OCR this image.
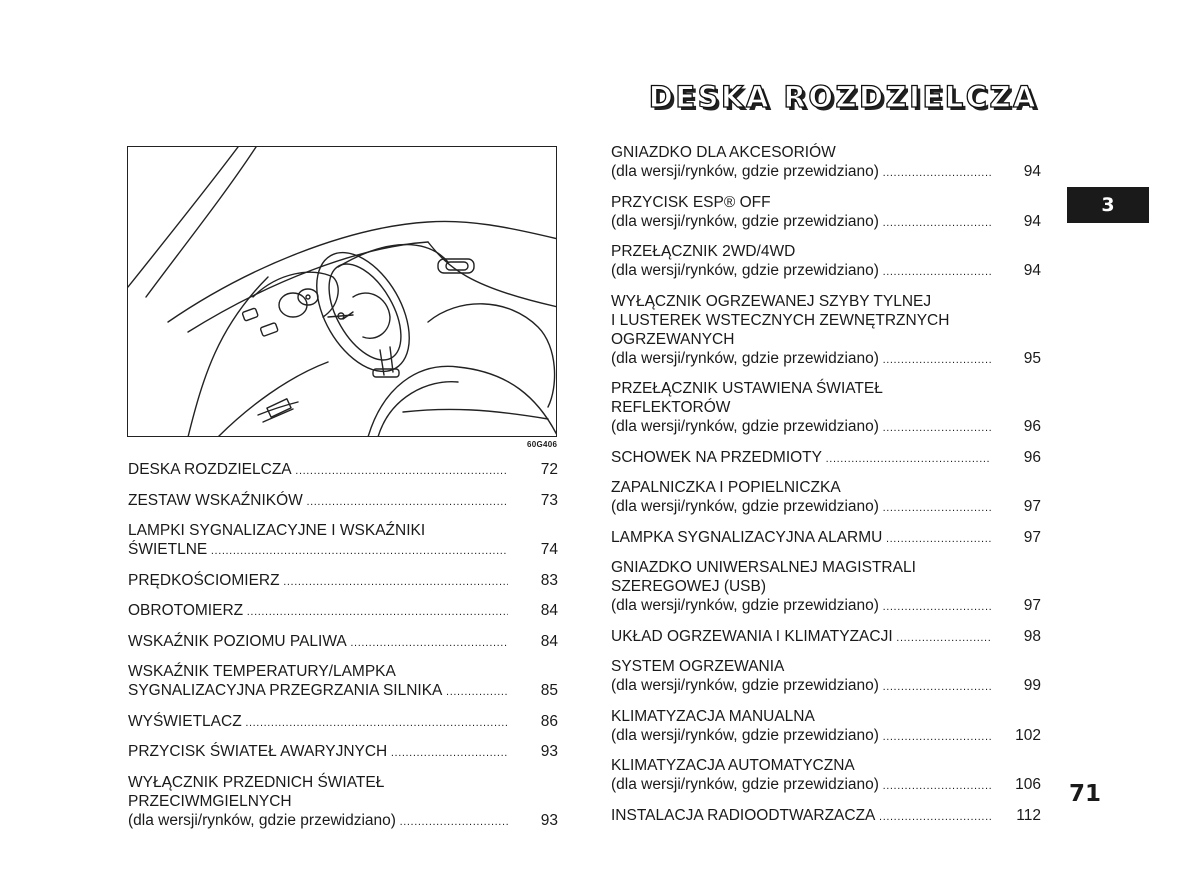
DESKA ROZDZIELCZA
3
71
60G406
DESKA ROZDZIELCZA .....	72
ZESTAW WSKAŹNIKÓW .....	73
LAMPKI SYGNALIZACYJNE I WSKAŹNIKI
ŚWIETLNE .....	74
PRĘDKOŚCIOMIERZ .....	83
OBROTOMIERZ .....	84
WSKAŹNIK POZIOMU PALIWA .....	84
WSKAŹNIK TEMPERATURY/LAMPKA
SYGNALIZACYJNA PRZEGRZANIA SILNIKA .....	85
WYŚWIETLACZ .....	86
PRZYCISK ŚWIATEŁ AWARYJNYCH .....	93
WYŁĄCZNIK PRZEDNICH ŚWIATEŁ
PRZECIWMGIELNYCH
(dla wersji/rynków, gdzie przewidziano) .....	93
GNIAZDKO DLA AKCESORIÓW
(dla wersji/rynków, gdzie przewidziano) .....	94
PRZYCISK ESP® OFF
(dla wersji/rynków, gdzie przewidziano) .....	94
PRZEŁĄCZNIK 2WD/4WD
(dla wersji/rynków, gdzie przewidziano) .....	94
WYŁĄCZNIK OGRZEWANEJ SZYBY TYLNEJ
I LUSTEREK WSTECZNYCH ZEWNĘTRZNYCH
OGRZEWANYCH
(dla wersji/rynków, gdzie przewidziano) .....	95
PRZEŁĄCZNIK USTAWIENA ŚWIATEŁ
REFLEKTORÓW
(dla wersji/rynków, gdzie przewidziano) .....	96
SCHOWEK NA PRZEDMIOTY .....	96
ZAPALNICZKA I POPIELNICZKA
(dla wersji/rynków, gdzie przewidziano) .....	97
LAMPKA SYGNALIZACYJNA ALARMU .....	97
GNIAZDKO UNIWERSALNEJ MAGISTRALI
SZEREGOWEJ (USB)
(dla wersji/rynków, gdzie przewidziano) .....	97
UKŁAD OGRZEWANIA I KLIMATYZACJI .....	98
SYSTEM OGRZEWANIA
(dla wersji/rynków, gdzie przewidziano) .....	99
KLIMATYZACJA MANUALNA
(dla wersji/rynków, gdzie przewidziano) .....	102
KLIMATYZACJA AUTOMATYCZNA
(dla wersji/rynków, gdzie przewidziano) .....	106
INSTALACJA RADIOODTWARZACZA .....	112
